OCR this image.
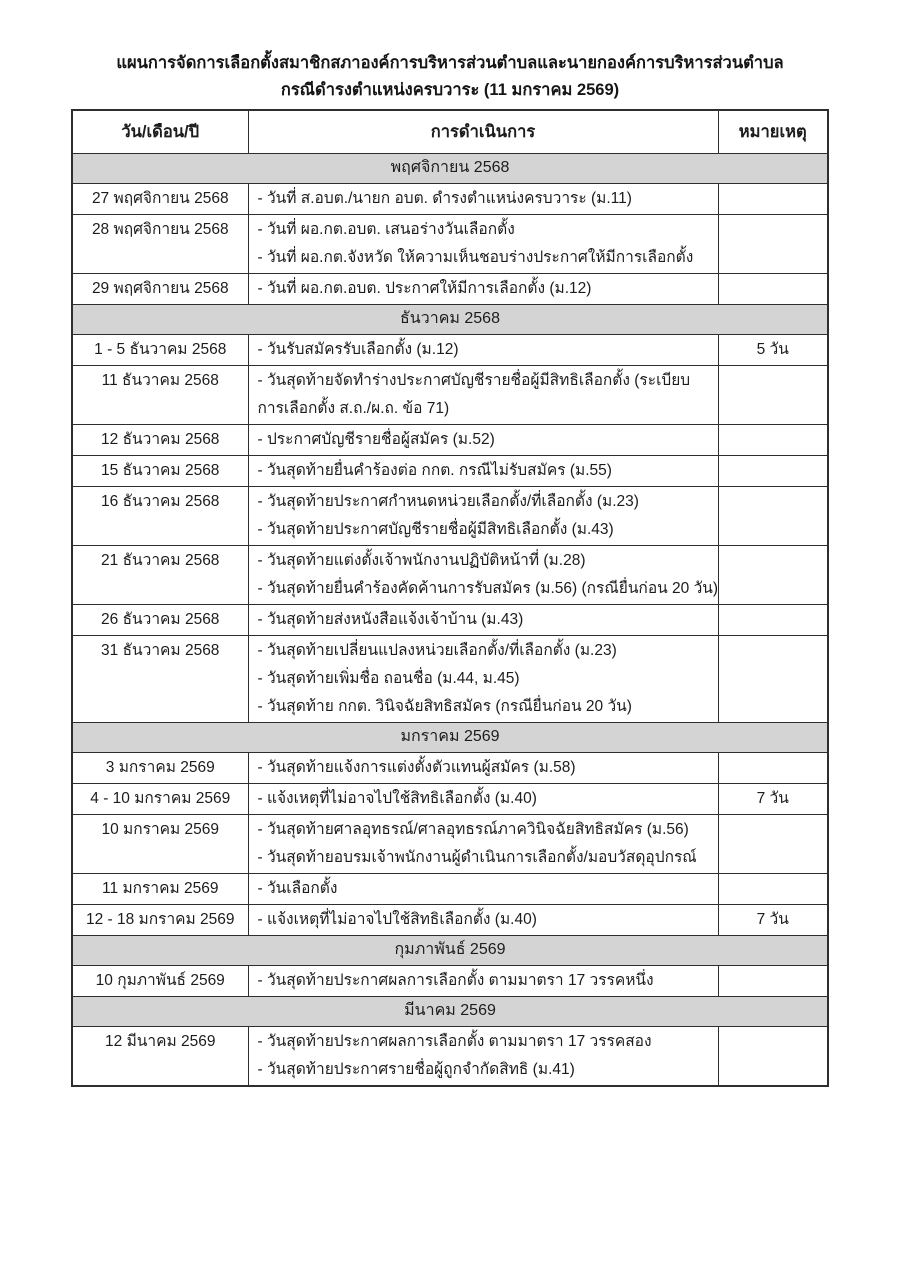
แผนการจัดการเลือกตั้งสมาชิกสภาองค์การบริหารส่วนตำบลและนายกองค์การบริหารส่วนตำบล
กรณีดำรงตำแหน่งครบวาระ (11 มกราคม 2569)
วัน/เดือน/ปี	การดำเนินการ	หมายเหตุ
พฤศจิกายน 2568		
27 พฤศจิกายน 2568	- วันที่ ส.อบต./นายก อบต. ดำรงตำแหน่งครบวาระ (ม.11)	

28 พฤศจิกายน 2568	- วันที่ ผอ.กต.อบต. เสนอร่างวันเลือกตั้ง
- วันที่ ผอ.กต.จังหวัด ให้ความเห็นชอบร่างประกาศให้มีการเลือกตั้ง	

29 พฤศจิกายน 2568	- วันที่ ผอ.กต.อบต. ประกาศให้มีการเลือกตั้ง (ม.12)	

ธันวาคม 2568		
1 - 5 ธันวาคม 2568	- วันรับสมัครรับเลือกตั้ง (ม.12)	5 วัน
11 ธันวาคม 2568	- วันสุดท้ายจัดทำร่างประกาศบัญชีรายชื่อผู้มีสิทธิเลือกตั้ง (ระเบียบ
การเลือกตั้ง ส.ถ./ผ.ถ. ข้อ 71)	

12 ธันวาคม 2568	- ประกาศบัญชีรายชื่อผู้สมัคร (ม.52)	

15 ธันวาคม 2568	- วันสุดท้ายยื่นคำร้องต่อ กกต. กรณีไม่รับสมัคร (ม.55)	

16 ธันวาคม 2568	- วันสุดท้ายประกาศกำหนดหน่วยเลือกตั้ง/ที่เลือกตั้ง (ม.23)
- วันสุดท้ายประกาศบัญชีรายชื่อผู้มีสิทธิเลือกตั้ง (ม.43)	

21 ธันวาคม 2568	- วันสุดท้ายแต่งตั้งเจ้าพนักงานปฏิบัติหน้าที่ (ม.28)
- วันสุดท้ายยื่นคำร้องคัดค้านการรับสมัคร (ม.56) (กรณียื่นก่อน 20 วัน)	

26 ธันวาคม 2568	- วันสุดท้ายส่งหนังสือแจ้งเจ้าบ้าน (ม.43)	

31 ธันวาคม 2568	- วันสุดท้ายเปลี่ยนแปลงหน่วยเลือกตั้ง/ที่เลือกตั้ง (ม.23)
- วันสุดท้ายเพิ่มชื่อ ถอนชื่อ (ม.44, ม.45)
- วันสุดท้าย กกต. วินิจฉัยสิทธิสมัคร (กรณียื่นก่อน 20 วัน)	

มกราคม 2569		
3 มกราคม 2569	- วันสุดท้ายแจ้งการแต่งตั้งตัวแทนผู้สมัคร (ม.58)	

4 - 10 มกราคม 2569	- แจ้งเหตุที่ไม่อาจไปใช้สิทธิเลือกตั้ง (ม.40)	7 วัน
10 มกราคม 2569	- วันสุดท้ายศาลอุทธรณ์/ศาลอุทธรณ์ภาควินิจฉัยสิทธิสมัคร (ม.56)
- วันสุดท้ายอบรมเจ้าพนักงานผู้ดำเนินการเลือกตั้ง/มอบวัสดุอุปกรณ์	

11 มกราคม 2569	- วันเลือกตั้ง	

12 - 18 มกราคม 2569	- แจ้งเหตุที่ไม่อาจไปใช้สิทธิเลือกตั้ง (ม.40)	7 วัน
กุมภาพันธ์ 2569		
10 กุมภาพันธ์ 2569	- วันสุดท้ายประกาศผลการเลือกตั้ง ตามมาตรา 17 วรรคหนึ่ง	

มีนาคม 2569		
12 มีนาคม 2569	- วันสุดท้ายประกาศผลการเลือกตั้ง ตามมาตรา 17 วรรคสอง
- วันสุดท้ายประกาศรายชื่อผู้ถูกจำกัดสิทธิ (ม.41)	
